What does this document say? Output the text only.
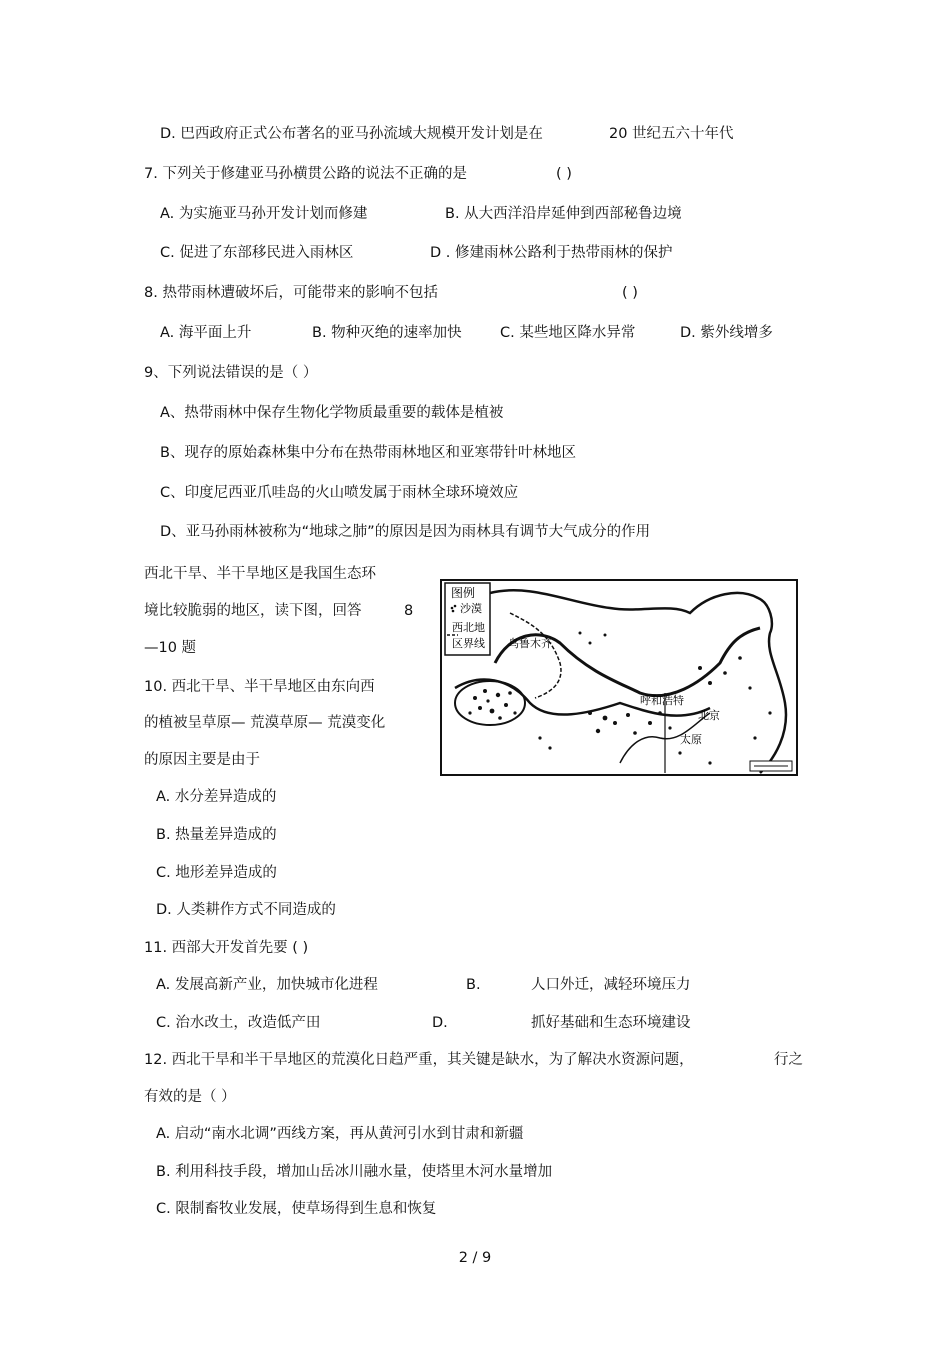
D. 巴西政府正式公布著名的亚马孙流域大规模开发计划是在	20 世纪五六十年代
7. 下列关于修建亚马孙横贯公路的说法不正确的是	( )
A. 为实施亚马孙开发计划而修建	B. 从大西洋沿岸延伸到西部秘鲁边境
C. 促进了东部移民进入雨林区	D . 修建雨林公路利于热带雨林的保护
8. 热带雨林遭破坏后，可能带来的影响不包括	( )
A. 海平面上升	B. 物种灭绝的速率加快	C. 某些地区降水异常	D. 紫外线增多
9、下列说法错误的是（ ）
A、热带雨林中保存生物化学物质最重要的载体是植被
B、现存的原始森林集中分布在热带雨林地区和亚寒带针叶林地区
C、印度尼西亚爪哇岛的火山喷发属于雨林全球环境效应
D、亚马孙雨林被称为“地球之肺”的原因是因为雨林具有调节大气成分的作用
西北干旱、半干旱地区是我国生态环
境比较脆弱的地区，读下图，回答	8
—10 题
图例
沙漠
西北地
区界线 乌鲁木齐
呼和浩特
北京
太原
10. 西北干旱、半干旱地区由东向西
的植被呈草原— 荒漠草原— 荒漠变化
的原因主要是由于
A. 水分差异造成的
B. 热量差异造成的
C. 地形差异造成的
D. 人类耕作方式不同造成的
11. 西部大开发首先要 ( )
A. 发展高新产业，加快城市化进程	B.	人口外迁，减轻环境压力
C. 治水改土，改造低产田	D.	抓好基础和生态环境建设
12. 西北干旱和半干旱地区的荒漠化日趋严重，其关键是缺水，为了解决水资源问题，	行之
有效的是（ ）
A. 启动“南水北调”西线方案，再从黄河引水到甘肃和新疆
B. 利用科技手段，增加山岳冰川融水量，使塔里木河水量增加
C. 限制畜牧业发展，使草场得到生息和恢复
2 / 9
